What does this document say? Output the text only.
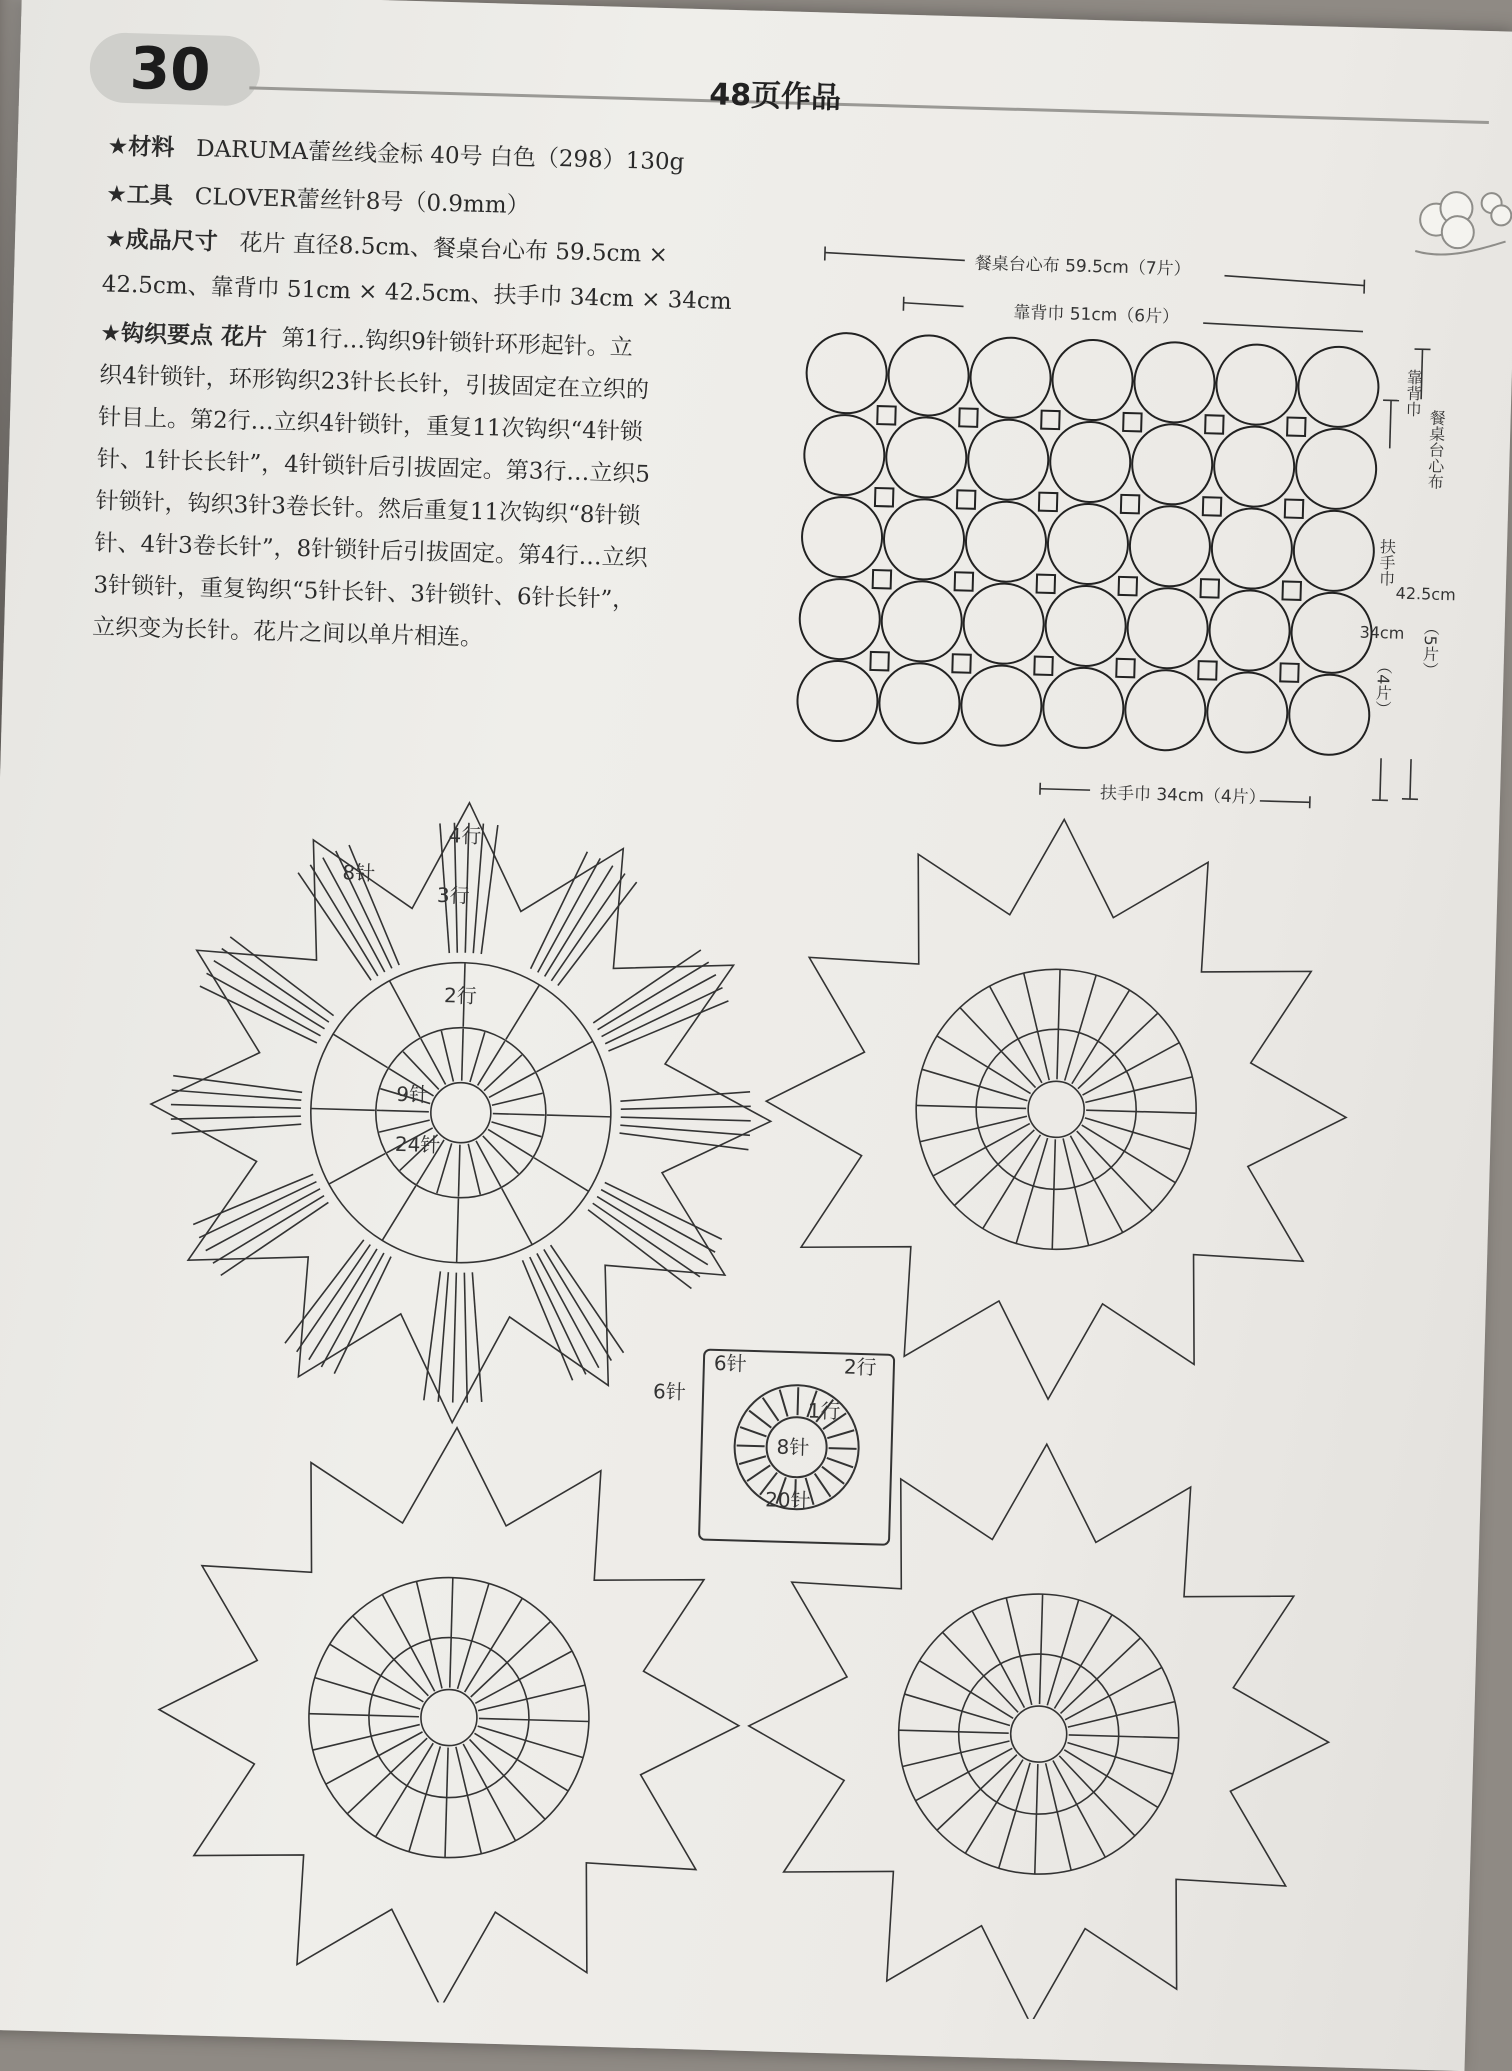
30	48页作品
★材料 DARUMA蕾丝线金标 40号 白色（298）130g
★工具 CLOVER蕾丝针8号（0.9mm）
★成品尺寸 花片 直径8.5cm、餐桌台心布 59.5cm ×
42.5cm、靠背巾 51cm × 42.5cm、扶手巾 34cm × 34cm
★钩织要点 花片 第1行…钩织9针锁针环形起针。立
织4针锁针，环形钩织23针长长针，引拔固定在立织的
针目上。第2行…立织4针锁针，重复11次钩织“4针锁
针、1针长长针”，4针锁针后引拔固定。第3行…立织5
针锁针，钩织3针3卷长针。然后重复11次钩织“8针锁
针、4针3卷长针”，8针锁针后引拔固定。第4行…立织
3针锁针，重复钩织“5针长针、3针锁针、6针长针”，
立织变为长针。花片之间以单片相连。
餐桌台心布 59.5cm（7片）
靠背巾 51cm（6片）
扶手巾 34cm（4片）
餐桌台心布
42.5cm
（5片）
靠背巾
扶手巾
34cm
（4片）
4行
3行
8针
2行
9针
24针
6针
6针
2行
1行
8针
20针
